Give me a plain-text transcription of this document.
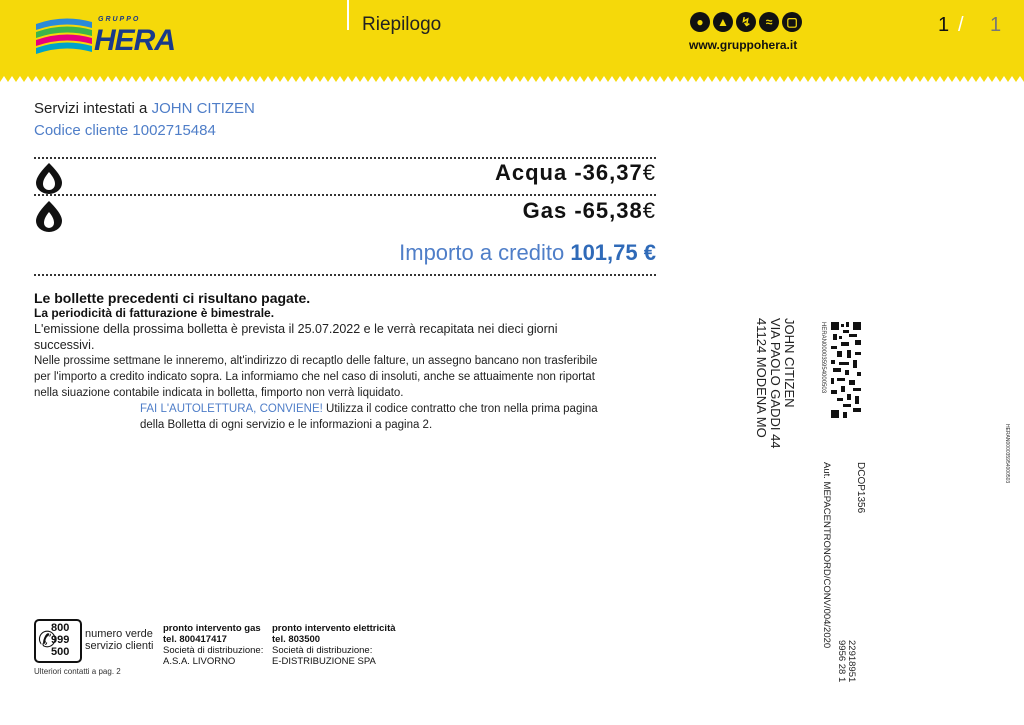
GRUPPO
HERA	Riepilogo	●	▲	↯	≈	▢
www.gruppohera.it
1 / 1
Servizi intestati a JOHN CITIZEN
Codice cliente 1002715484
Acqua -36,37€
Gas -65,38€
Importo a credito 101,75 €
Le bollette precedenti ci risultano pagate.
La periodicità di fatturazione è bimestrale.
L'emissione della prossima bolletta è prevista il 25.07.2022 e le verrà recapitata nei dieci giorni successivi.
Nelle prossime settmane le inneremo, alt'indirizzo di recaptlo delle falture, un assegno bancano non trasferibile per l'importo a credito indicato sopra. La informiamo che nel caso di insoluti, anche se attuaimente non riportat nella siuazione contabile indicata in bolletta, fimporto non verrà liquidato.
FAI L'AUTOLETTURA, CONVIENE! Utilizza il codice contratto che tron nella prima pagina della Bolletta di ogni servizio e le informazioni a pagina 2.
JOHN CITIZEN
VIA PAOLO GADDI 44
41124 MODENA MO	HERAN000035954000503
DCOP1356
Aut. MEPACENTRONORD/CONV/004/2020
22918951
9956 28 1
HERAN000035954000503
✆
800
999
500
numero verde
servizio clienti
pronto intervento gas
tel. 800417417
Società di distribuzione:
A.S.A. LIVORNO
pronto intervento elettricità
tel. 803500
Società di distribuzione:
E-DISTRIBUZIONE SPA
Ulteriori contatti a pag. 2
